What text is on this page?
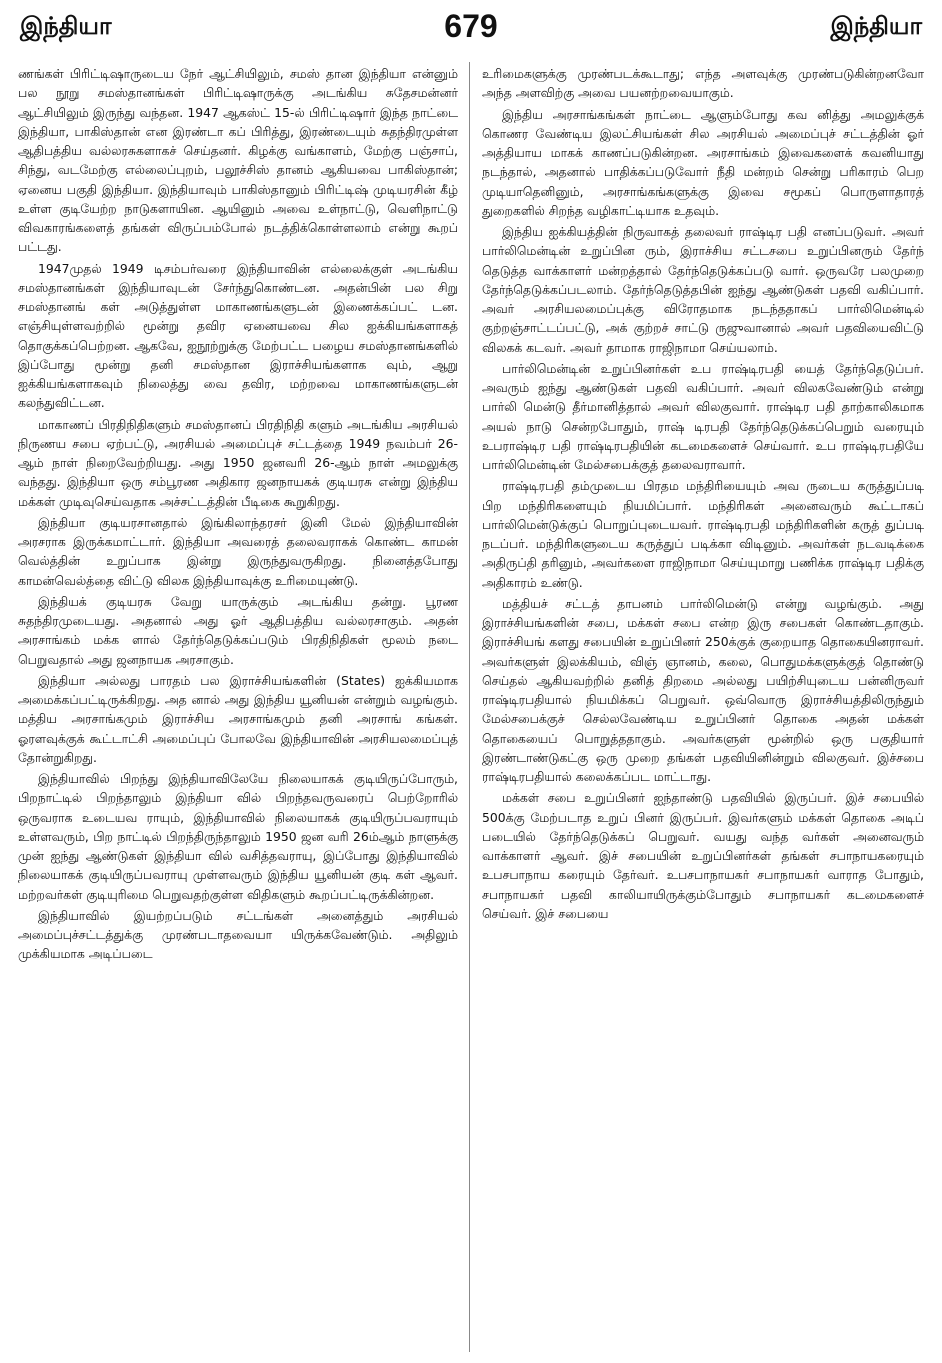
இந்தியா	679	இந்தியா

ணங்கள் பிரிட்டிஷாருடைய நேர் ஆட்சியிலும், சமஸ் தான இந்தியா என்னும் பல நூறு சமஸ்தானங்கள் பிரிட்டிஷாருக்கு அடங்கிய சுதேசமன்னர் ஆட்சியிலும் இருந்து வந்தன. 1947 ஆகஸ்ட் 15-ல் பிரிட்டிஷார் இந்த நாட்டை இந்தியா, பாகிஸ்தான் என இரண்டா கப் பிரித்து, இரண்டையும் சுதந்திரமுள்ள ஆதிபத்திய வல்லரசுகளாகச் செய்தனர். கிழக்கு வங்காளம், மேற்கு பஞ்சாப், சிந்து, வடமேற்கு எல்லைப்புறம், பலூச்சிஸ் தானம் ஆகியவை பாகிஸ்தான்; ஏனைய பகுதி இந்தியா. இந்தியாவும் பாகிஸ்தானும் பிரிட்டிஷ் முடியரசின் கீழ் உள்ள குடியேற்ற நாடுகளாயின. ஆயினும் அவை உள்நாட்டு, வெளிநாட்டு விவகாரங்களைத் தங்கள் விருப்பம்போல் நடத்திக்கொள்ளலாம் என்று கூறப் பட்டது.

1947முதல் 1949 டிசம்பர்வரை இந்தியாவின் எல்லைக்குள் அடங்கிய சமஸ்தானங்கள் இந்தியாவுடன் சேர்ந்துகொண்டன. அதன்பின் பல சிறு சமஸ்தானங் கள் அடுத்துள்ள மாகாணங்களுடன் இணைக்கப்பட் டன. எஞ்சியுள்ளவற்றில் மூன்று தவிர ஏனையவை சில ஐக்கியங்களாகத் தொகுக்கப்பெற்றன. ஆகவே, ஐநூற்றுக்கு மேற்பட்ட பழைய சமஸ்தானங்களில் இப்போது மூன்று தனி சமஸ்தான இராச்சியங்களாக வும், ஆறு ஐக்கியங்களாகவும் நிலைத்து வை தவிர, மற்றவை மாகாணங்களுடன் கலந்துவிட்டன.

மாகாணப் பிரதிநிதிகளும் சமஸ்தானப் பிரதிநிதி களும் அடங்கிய அரசியல் நிருணய சபை ஏற்பட்டு, அரசியல் அமைப்புச் சட்டத்தை 1949 நவம்பர் 26-ஆம் நாள் நிறைவேற்றியது. அது 1950 ஜனவரி 26-ஆம் நாள் அமலுக்கு வந்தது. இந்தியா ஒரு சம்பூரண அதிகார ஜனநாயகக் குடியரசு என்று இந்திய மக்கள் முடிவுசெய்வதாக அச்சட்டத்தின் பீடிகை கூறுகிறது.

இந்தியா குடியரசானதால் இங்கிலாந்தரசர் இனி மேல் இந்தியாவின் அரசராக இருக்கமாட்டார். இந்தியா அவரைத் தலைவராகக் கொண்ட காமன் வெல்த்தின் உறுப்பாக இன்று இருந்துவருகிறது. நினைத்தபோது காமன்வெல்த்தை விட்டு விலக இந்தியாவுக்கு உரிமையுண்டு.

இந்தியக் குடியரசு வேறு யாருக்கும் அடங்கிய தன்று. பூரண சுதந்திரமுடையது. அதனால் அது ஓர் ஆதிபத்திய வல்லரசாகும். அதன் அரசாங்கம் மக்க ளால் தேர்ந்தெடுக்கப்படும் பிரதிநிதிகள் மூலம் நடை பெறுவதால் அது ஜனநாயக அரசாகும்.

இந்தியா அல்லது பாரதம் பல இராச்சியங்களின் (States) ஐக்கியமாக அமைக்கப்பட்டிருக்கிறது. அத னால் அது இந்திய யூனியன் என்றும் வழங்கும். மத்திய அரசாங்கமும் இராச்சிய அரசாங்கமும் தனி அரசாங் கங்கள். ஓரளவுக்குக் கூட்டாட்சி அமைப்புப் போலவே இந்தியாவின் அரசியலமைப்புத் தோன்றுகிறது.

இந்தியாவில் பிறந்து இந்தியாவிலேயே நிலையாகக் குடியிருப்போரும், பிறநாட்டில் பிறந்தாலும் இந்தியா வில் பிறந்தவருவரைப் பெற்றோரில் ஒருவராக உடையவ ராயும், இந்தியாவில் நிலையாகக் குடியிருப்பவராயும் உள்ளவரும், பிற நாட்டில் பிறந்திருந்தாலும் 1950 ஜன வரி 26ம்ஆம் நாளுக்கு முன் ஐந்து ஆண்டுகள் இந்தியா வில் வசித்தவராயு, இப்போது இந்தியாவில் நிலையாகக் குடியிருப்பவராயு முள்ளவரும் இந்திய யூனியன் குடி கள் ஆவர். மற்றவர்கள் குடியுரிமை பெறுவதற்குள்ள விதிகளும் கூறப்பட்டிருக்கின்றன.

இந்தியாவில் இயற்றப்படும் சட்டங்கள் அனைத்தும் அரசியல் அமைப்புச்சட்டத்துக்கு முரண்படாதவையா யிருக்கவேண்டும். அதிலும் முக்கியமாக அடிப்படை

உரிமைகளுக்கு முரண்படக்கூடாது; எந்த அளவுக்கு முரண்படுகின்றனவோ அந்த அளவிற்கு அவை பயனற்றவையாகும்.

இந்திய அரசாங்கங்கள் நாட்டை ஆளும்போது கவ னித்து அமலுக்குக் கொணர வேண்டிய இலட்சியங்கள் சில அரசியல் அமைப்புச் சட்டத்தின் ஓர் அத்தியாய மாகக் காணப்படுகின்றன. அரசாங்கம் இவைகளைக் கவனியாது நடந்தால், அதனால் பாதிக்கப்படுவோர் நீதி மன்றம் சென்று பரிகாரம் பெற முடியாதெனினும், அரசாங்கங்களுக்கு இவை சமூகப் பொருளாதாரத் துறைகளில் சிறந்த வழிகாட்டியாக உதவும்.

இந்திய ஐக்கியத்தின் நிருவாகத் தலைவர் ராஷ்டிர பதி எனப்படுவர். அவர் பார்லிமென்டின் உறுப்பின ரும், இராச்சிய சட்டசபை உறுப்பினரும் தேர்ந் தெடுத்த வாக்காளர் மன்றத்தால் தேர்ந்தெடுக்கப்படு வார். ஒருவரே பலமுறை தேர்ந்தெடுக்கப்படலாம். தேர்ந்தெடுத்தபின் ஐந்து ஆண்டுகள் பதவி வகிப்பார். அவர் அரசியலமைப்புக்கு விரோதமாக நடந்ததாகப் பார்லிமென்டில் குற்றஞ்சாட்டப்பட்டு, அக் குற்றச் சாட்டு ருஜுவானால் அவர் பதவியைவிட்டு விலகக் கடவர். அவர் தாமாக ராஜிநாமா செய்யலாம்.

பார்லிமென்டின் உறுப்பினர்கள் உப ராஷ்டிரபதி யைத் தேர்ந்தெடுப்பர். அவரும் ஐந்து ஆண்டுகள் பதவி வகிப்பார். அவர் விலகவேண்டும் என்று பார்லி மென்டு தீர்மானித்தால் அவர் விலகுவார். ராஷ்டிர பதி தாற்காலிகமாக அயல் நாடு சென்றபோதும், ராஷ் டிரபதி தேர்ந்தெடுக்கப்பெறும் வரையும் உபராஷ்டிர பதி ராஷ்டிரபதியின் கடமைகளைச் செய்வார். உப ராஷ்டிரபதியே பார்லிமென்டின் மேல்சபைக்குத் தலைவராவார்.

ராஷ்டிரபதி தம்முடைய பிரதம மந்திரியையும் அவ ருடைய கருத்துப்படி பிற மந்திரிகளையும் நியமிப்பார். மந்திரிகள் அனைவரும் கூட்டாகப் பார்லிமென்டுக்குப் பொறுப்புடையவர். ராஷ்டிரபதி மந்திரிகளின் கருத் துப்படி நடப்பர். மந்திரிகளுடைய கருத்துப் படிக்கா விடினும். அவர்கள் நடவடிக்கை அதிருப்தி தரினும், அவர்களை ராஜிநாமா செய்யுமாறு பணிக்க ராஷ்டிர பதிக்கு அதிகாரம் உண்டு.

மத்தியச் சட்டத் தாபனம் பார்லிமென்டு என்று வழங்கும். அது இராச்சியங்களின் சபை, மக்கள் சபை என்ற இரு சபைகள் கொண்டதாகும். இராச்சியங் களது சபையின் உறுப்பினர் 250க்குக் குறையாத தொகையினராவர். அவர்களுள் இலக்கியம், விஞ் ஞானம், கலை, பொதுமக்களுக்குத் தொண்டு செய்தல் ஆகியவற்றில் தனித் திறமை அல்லது பயிற்சியுடைய பன்னிருவர் ராஷ்டிரபதியால் நியமிக்கப் பெறுவர். ஒவ்வொரு இராச்சியத்திலிருந்தும் மேல்சபைக்குச் செல்லவேண்டிய உறுப்பினர் தொகை அதன் மக்கள் தொகையைப் பொறுத்ததாகும். அவர்களுள் மூன்றில் ஒரு பகுதியார் இரண்டாண்டுகட்கு ஒரு முறை தங்கள் பதவியினின்றும் விலகுவர். இச்சபை ராஷ்டிரபதியால் கலைக்கப்பட மாட்டாது.

மக்கள் சபை உறுப்பினர் ஐந்தாண்டு பதவியில் இருப்பர். இச் சபையில் 500க்கு மேற்படாத உறுப் பினர் இருப்பர். இவர்களும் மக்கள் தொகை அடிப் படையில் தேர்ந்தெடுக்கப் பெறுவர். வயது வந்த வர்கள் அனைவரும் வாக்காளர் ஆவர். இச் சபையின் உறுப்பினர்கள் தங்கள் சபாநாயகரையும் உபசபாநாய கரையும் தேர்வர். உபசபாநாயகர் சபாநாயகர் வாராத போதும், சபாநாயகர் பதவி காலியாயிருக்கும்போதும் சபாநாயகர் கடமைகளைச் செய்வர். இச் சபையை
